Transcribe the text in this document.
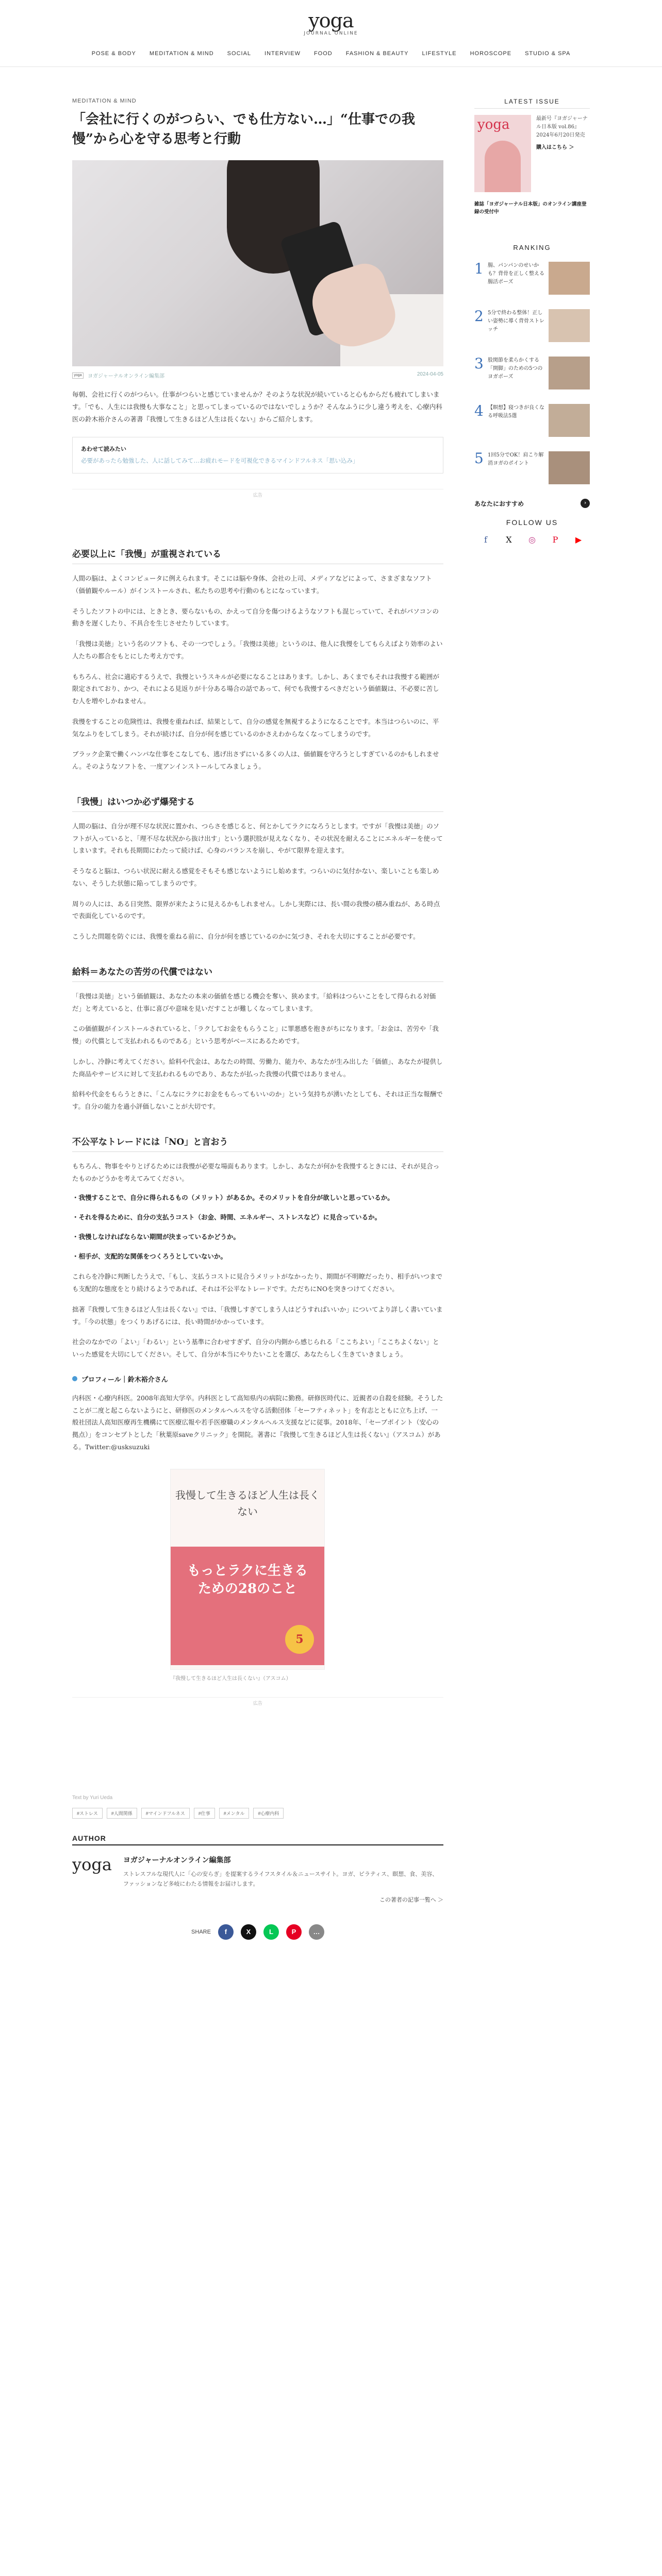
yoga
JOURNAL ONLINE
POSE & BODY MEDITATION & MIND SOCIAL INTERVIEW FOOD FASHION & BEAUTY LIFESTYLE HOROSCOPE STUDIO & SPA
MEDITATION & MIND
「会社に行くのがつらい、でも仕方ない…」“仕事での我慢”から心を守る思考と行動
yoga	ヨガジャーナルオンライン編集部	2024-04-05

毎朝、会社に行くのがつらい。仕事がつらいと感じていませんか？そのような状況が続いていると心もからだも疲れてしまいます。「でも、人生には我慢も大事なこと」と思ってしまっているのではないでしょうか？そんなふうに少し違う考えを、心療内科医の鈴木裕介さんの著書『我慢して生きるほど人生は長くない』からご紹介します。

あわせて読みたい
必要があったら勉強した、人に話してみて…お疲れモードを可視化できるマインドフルネス「思い込み」
広告
必要以上に「我慢」が重視されている

人間の脳は、よくコンピュータに例えられます。そこには脳や身体、会社の上司、メディアなどによって、さまざまなソフト（価値観やルール）がインストールされ、私たちの思考や行動のもとになっています。

そうしたソフトの中には、ときとき、要らないもの、かえって自分を傷つけるようなソフトも混じっていて、それがパソコンの動きを遅くしたり、不具合を生じさせたりしています。

「我慢は美徳」という名のソフトも、その一つでしょう。「我慢は美徳」というのは、他人に我慢をしてもらえばより効率のよい人たちの都合をもとにした考え方です。

もちろん、社会に適応するうえで、我慢というスキルが必要になることはあります。しかし、あくまでもそれは我慢する範囲が限定されており、かつ、それによる見返りが十分ある場合の話であって、何でも我慢するべきだという価値観は、不必要に苦しむ人を増やしかねません。

我慢をすることの危険性は、我慢を重ねれば、結果として、自分の感覚を無視するようになることです。本当はつらいのに、平気なふりをしてしまう。それが続けば、自分が何を感じているのかさえわからなくなってしまうのです。

ブラック企業で働くハンパな仕事をこなしても、逃げ出さずにいる多くの人は、価値観を守ろうとしすぎているのかもしれません。そのようなソフトを、一度アンインストールしてみましょう。

「我慢」はいつか必ず爆発する

人間の脳は、自分が理不尽な状況に置かれ、つらさを感じると、何とかしてラクになろうとします。ですが「我慢は美徳」のソフトが入っていると、「理不尽な状況から抜け出す」という選択肢が見えなくなり、その状況を耐えることにエネルギーを使ってしまいます。それも長期間にわたって続けば、心身のバランスを崩し、やがて限界を迎えます。

そうなると脳は、つらい状況に耐える感覚をそもそも感じないようにし始めます。つらいのに気付かない、楽しいことも楽しめない、そうした状態に陥ってしまうのです。

周りの人には、ある日突然、限界が来たように見えるかもしれません。しかし実際には、長い間の我慢の積み重ねが、ある時点で表面化しているのです。

こうした問題を防ぐには、我慢を重ねる前に、自分が何を感じているのかに気づき、それを大切にすることが必要です。

給料＝あなたの苦労の代償ではない

「我慢は美徳」という価値観は、あなたの本来の価値を感じる機会を奪い、狭めます。「給料はつらいことをして得られる対価だ」と考えていると、仕事に喜びや意味を見いだすことが難しくなってしまいます。

この価値観がインストールされていると、「ラクしてお金をもらうこと」に罪悪感を抱きがちになります。「お金は、苦労や「我慢」の代償として支払われるものである」という思考がベースにあるためです。

しかし、冷静に考えてください。給料や代金は、あなたの時間、労働力、能力や、あなたが生み出した「価値」、あなたが提供した商品やサービスに対して支払われるものであり、あなたが払った我慢の代償ではありません。

給料や代金をもらうときに、「こんなにラクにお金をもらってもいいのか」という気持ちが湧いたとしても、それは正当な報酬です。自分の能力を過小評価しないことが大切です。

不公平なトレードには「NO」と言おう

もちろん、物事をやりとげるためには我慢が必要な場面もあります。しかし、あなたが何かを我慢するときには、それが見合ったものかどうかを考えてみてください。

・我慢することで、自分に得られるもの（メリット）があるか。そのメリットを自分が欲しいと思っているか。

・それを得るために、自分の支払うコスト（お金、時間、エネルギー、ストレスなど）に見合っているか。

・我慢しなければならない期間が決まっているかどうか。

・相手が、支配的な関係をつくろうとしていないか。

これらを冷静に判断したうえで、「もし、支払うコストに見合うメリットがなかったり、期間が不明瞭だったり、相手がいつまでも支配的な態度をとり続けるようであれば、それは不公平なトレードです。ただちにNOを突きつけてください。

拙著『我慢して生きるほど人生は長くない』では、「我慢しすぎてしまう人はどうすればいいか」についてより詳しく書いています。「今の状態」をつくりあげるには、長い時間がかかっています。

社会のなかでの「よい」「わるい」という基準に合わせすぎず、自分の内側から感じられる「ここちよい」「ここちよくない」といった感覚を大切にしてください。そして、自分が本当にやりたいことを選び、あなたらしく生きていきましょう。

プロフィール｜鈴木裕介さん

内科医・心療内科医。2008年高知大学卒。内科医として高知県内の病院に勤務。研修医時代に、近親者の自殺を経験。そうしたことが二度と起こらないようにと、研修医のメンタルヘルスを守る活動団体「セーフティネット」を有志とともに立ち上げ、一般社団法人高知医療再生機構にて医療広報や若手医療職のメンタルヘルス支援などに従事。2018年、「セーブポイント（安心の拠点）」をコンセプトとした「秋葉原saveクリニック」を開院。著書に『我慢して生きるほど人生は長くない』（アスコム）がある。Twitter:@usksuzuki

我慢して生きるほど人生は長くない
もっとラクに生きるための28のこと
5
『我慢して生きるほど人生は長くない』（アスコム）
広告
Text by Yuri Ueda
#ストレス	#人間関係	#マインドフルネス	#仕事	#メンタル	#心療内科
AUTHOR
yoga ヨガジャーナルオンライン編集部
ストレスフルな現代人に「心の安らぎ」を提案するライフスタイル＆ニュースサイト。ヨガ、ピラティス、瞑想、食、美容、ファッションなど多岐にわたる情報をお届けします。
この著者の記事一覧へ ＞
SHARE	f	X	L	P	…
LATEST ISSUE
yoga	最新号『ヨガジャーナル日本版 vol.86』2024年6月20日発売
購入はこちら ＞
雑誌「ヨガジャーナル日本版」のオンライン講座登録の受付中
RANKING
1 腸、パンパンのせいかも？背骨を正しく整える腸活ポーズ
2 5分で終わる整体！正しい姿勢に導く背骨ストレッチ
3 股関節を柔らかくする「開脚」のための5つのヨガポーズ
4 【瞑想】寝つきが良くなる呼吸法5選
5 1回5分でOK！肩こり解消ヨガのポイント
あなたにおすすめ	›
FOLLOW US
f	X	◎	P	▶
